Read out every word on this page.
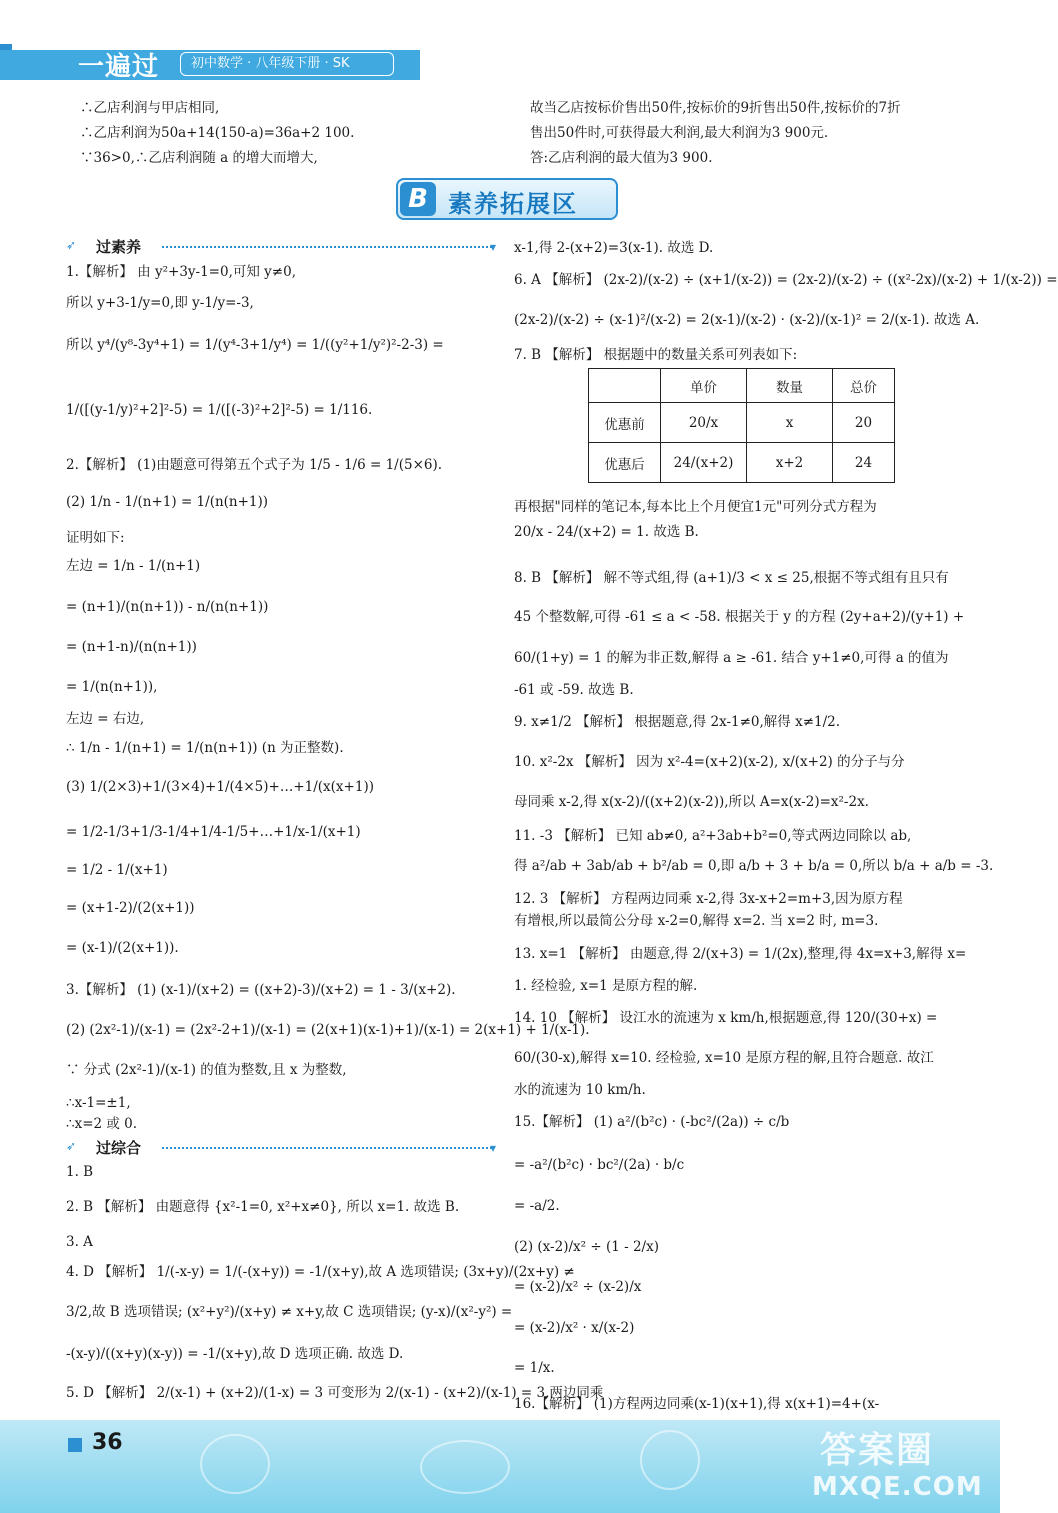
一遍过	初中数学 · 八年级下册 · SK
∴乙店利润与甲店相同,
∴乙店利润为50a+14(150-a)=36a+2 100.
∵36>0,∴乙店利润随 a 的增大而增大,
故当乙店按标价售出50件,按标价的9折售出50件,按标价的7折
售出50件时,可获得最大利润,最大利润为3 900元.
答:乙店利润的最大值为3 900.
B 素养拓展区
➶ 过素养	▾
➶ 过综合	▾
1.【解析】 由 y²+3y-1=0,可知 y≠0,
所以 y+3-1/y=0,即 y-1/y=-3,
所以 y⁴/(y⁸-3y⁴+1) = 1/(y⁴-3+1/y⁴) = 1/((y²+1/y²)²-2-3) =
1/([(y-1/y)²+2]²-5) = 1/([(-3)²+2]²-5) = 1/116.
2.【解析】 (1)由题意可得第五个式子为 1/5 - 1/6 = 1/(5×6).
(2) 1/n - 1/(n+1) = 1/(n(n+1))
证明如下:
左边 = 1/n - 1/(n+1)
= (n+1)/(n(n+1)) - n/(n(n+1))
= (n+1-n)/(n(n+1))
= 1/(n(n+1)),
左边 = 右边,
∴ 1/n - 1/(n+1) = 1/(n(n+1)) (n 为正整数).
(3) 1/(2×3)+1/(3×4)+1/(4×5)+…+1/(x(x+1))
= 1/2-1/3+1/3-1/4+1/4-1/5+…+1/x-1/(x+1)
= 1/2 - 1/(x+1)
= (x+1-2)/(2(x+1))
= (x-1)/(2(x+1)).
3.【解析】 (1) (x-1)/(x+2) = ((x+2)-3)/(x+2) = 1 - 3/(x+2).
(2) (2x²-1)/(x-1) = (2x²-2+1)/(x-1) = (2(x+1)(x-1)+1)/(x-1) = 2(x+1) + 1/(x-1).
∵ 分式 (2x²-1)/(x-1) 的值为整数,且 x 为整数,
∴x-1=±1,
∴x=2 或 0.
1. B
2. B 【解析】 由题意得 {x²-1=0, x²+x≠0}, 所以 x=1. 故选 B.
3. A
4. D 【解析】 1/(-x-y) = 1/(-(x+y)) = -1/(x+y),故 A 选项错误; (3x+y)/(2x+y) ≠
3/2,故 B 选项错误; (x²+y²)/(x+y) ≠ x+y,故 C 选项错误; (y-x)/(x²-y²) =
-(x-y)/((x+y)(x-y)) = -1/(x+y),故 D 选项正确. 故选 D.
5. D 【解析】 2/(x-1) + (x+2)/(1-x) = 3 可变形为 2/(x-1) - (x+2)/(x-1) = 3,两边同乘
x-1,得 2-(x+2)=3(x-1). 故选 D.
6. A 【解析】 (2x-2)/(x-2) ÷ (x+1/(x-2)) = (2x-2)/(x-2) ÷ ((x²-2x)/(x-2) + 1/(x-2)) =
(2x-2)/(x-2) ÷ (x-1)²/(x-2) = 2(x-1)/(x-2) · (x-2)/(x-1)² = 2/(x-1). 故选 A.
7. B 【解析】 根据题中的数量关系可列表如下:
再根据"同样的笔记本,每本比上个月便宜1元"可列分式方程为
20/x - 24/(x+2) = 1. 故选 B.
8. B 【解析】 解不等式组,得 (a+1)/3 < x ≤ 25,根据不等式组有且只有
45 个整数解,可得 -61 ≤ a < -58. 根据关于 y 的方程 (2y+a+2)/(y+1) +
60/(1+y) = 1 的解为非正数,解得 a ≥ -61. 结合 y+1≠0,可得 a 的值为
-61 或 -59. 故选 B.
9. x≠1/2 【解析】 根据题意,得 2x-1≠0,解得 x≠1/2.
10. x²-2x 【解析】 因为 x²-4=(x+2)(x-2), x/(x+2) 的分子与分
母同乘 x-2,得 x(x-2)/((x+2)(x-2)),所以 A=x(x-2)=x²-2x.
11. -3 【解析】 已知 ab≠0, a²+3ab+b²=0,等式两边同除以 ab,
得 a²/ab + 3ab/ab + b²/ab = 0,即 a/b + 3 + b/a = 0,所以 b/a + a/b = -3.
12. 3 【解析】 方程两边同乘 x-2,得 3x-x+2=m+3,因为原方程
有增根,所以最简公分母 x-2=0,解得 x=2. 当 x=2 时, m=3.
13. x=1 【解析】 由题意,得 2/(x+3) = 1/(2x),整理,得 4x=x+3,解得 x=
1. 经检验, x=1 是原方程的解.
14. 10 【解析】 设江水的流速为 x km/h,根据题意,得 120/(30+x) =
60/(30-x),解得 x=10. 经检验, x=10 是原方程的解,且符合题意. 故江
水的流速为 10 km/h.
15.【解析】 (1) a²/(b²c) · (-bc²/(2a)) ÷ c/b
= -a²/(b²c) · bc²/(2a) · b/c
= -a/2.
(2) (x-2)/x² ÷ (1 - 2/x)
= (x-2)/x² ÷ (x-2)/x
= (x-2)/x² · x/(x-2)
= 1/x.
16.【解析】 (1)方程两边同乘(x-1)(x+1),得 x(x+1)=4+(x-
	单价	数量	总价
优惠前	20/x	x	20
优惠后	24/(x+2)	x+2	24
36	答案圈
MXQE.COM
